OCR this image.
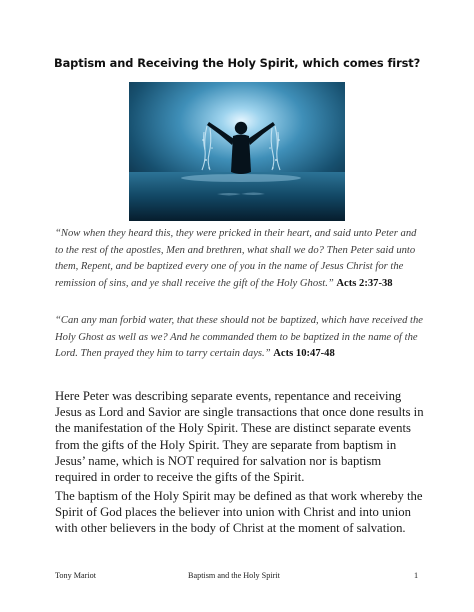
Baptism and Receiving the Holy Spirit, which comes first?
“Now when they heard this, they were pricked in their heart, and said unto Peter and to the rest of the apostles, Men and brethren, what shall we do? Then Peter said unto them, Repent, and be baptized every one of you in the name of Jesus Christ for the remission of sins, and ye shall receive the gift of the Holy Ghost.” Acts 2:37-38
“Can any man forbid water, that these should not be baptized, which have received the Holy Ghost as well as we? And he commanded them to be baptized in the name of the Lord. Then prayed they him to tarry certain days.” Acts 10:47-48
Here Peter was describing separate events, repentance and receiving Jesus as Lord and Savior are single transactions that once done results in the manifestation of the Holy Spirit. These are distinct separate events from the gifts of the Holy Spirit. They are separate from baptism in Jesus’ name, which is NOT required for salvation nor is baptism required in order to receive the gifts of the Spirit.
The baptism of the Holy Spirit may be defined as that work whereby the Spirit of God places the believer into union with Christ and into union with other believers in the body of Christ at the moment of salvation.
Tony Mariot	Baptism and the Holy Spirit	1
